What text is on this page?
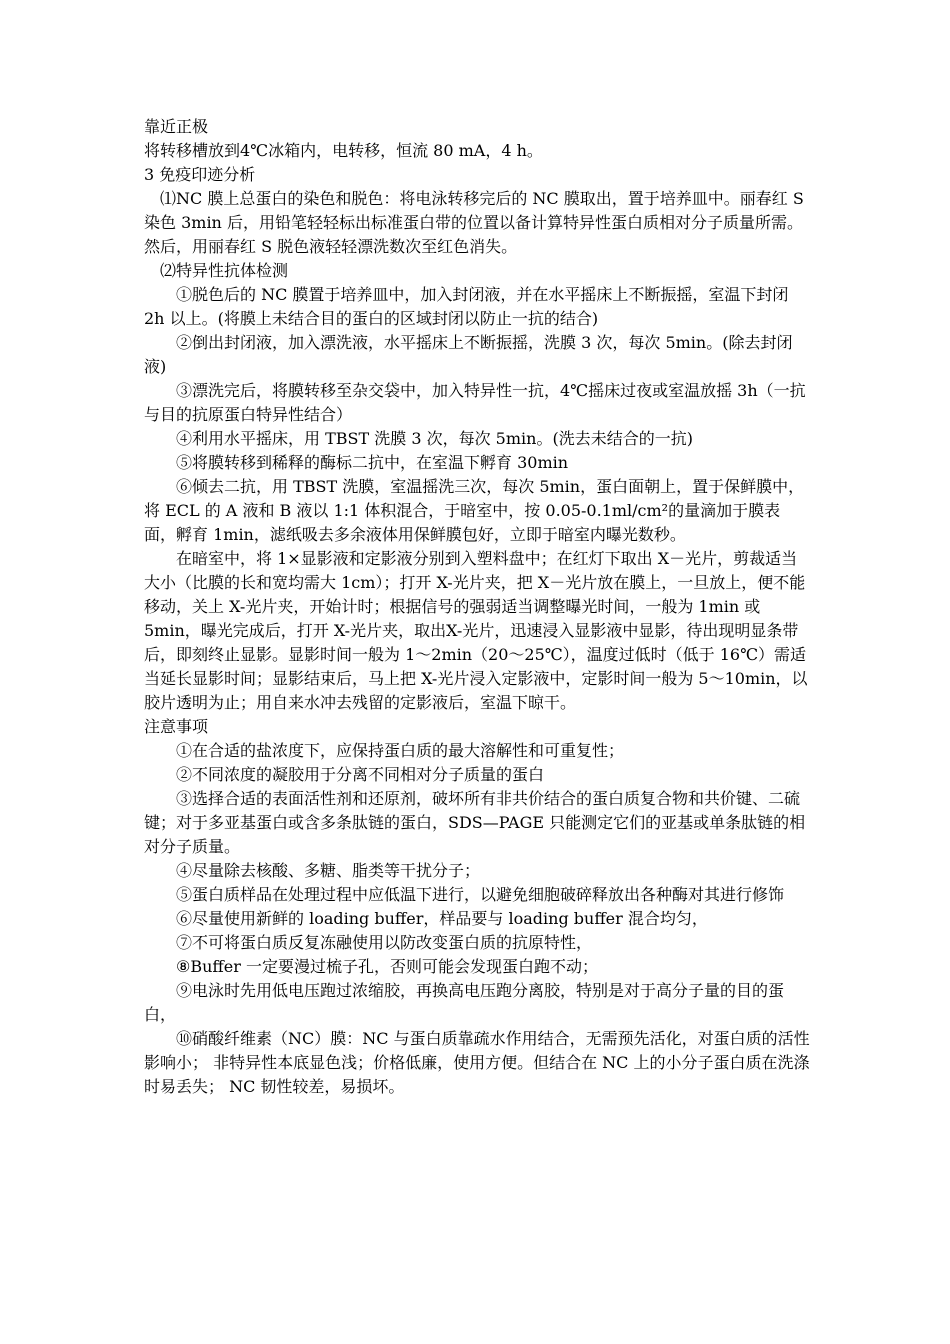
靠近正极

将转移槽放到4℃冰箱内，电转移，恒流 80 mA，4 h。

3 免疫印迹分析

⑴NC 膜上总蛋白的染色和脱色：将电泳转移完后的 NC 膜取出，置于培养皿中。丽春红 S 染色 3min 后，用铅笔轻轻标出标准蛋白带的位置以备计算特异性蛋白质相对分子质量所需。然后，用丽春红 S 脱色液轻轻漂洗数次至红色消失。

⑵特异性抗体检测

①脱色后的 NC 膜置于培养皿中，加入封闭液，并在水平摇床上不断振摇，室温下封闭 2h 以上。(将膜上未结合目的蛋白的区域封闭以防止一抗的结合)

②倒出封闭液，加入漂洗液，水平摇床上不断振摇，洗膜 3 次，每次 5min。(除去封闭液)

③漂洗完后，将膜转移至杂交袋中，加入特异性一抗，4℃摇床过夜或室温放摇 3h（一抗与目的抗原蛋白特异性结合）

④利用水平摇床，用 TBST 洗膜 3 次，每次 5min。(洗去未结合的一抗)

⑤将膜转移到稀释的酶标二抗中，在室温下孵育 30min

⑥倾去二抗，用 TBST 洗膜，室温摇洗三次，每次 5min，蛋白面朝上，置于保鲜膜中，将 ECL 的 A 液和 B 液以 1:1 体积混合，于暗室中，按 0.05-0.1ml/cm²的量滴加于膜表面，孵育 1min，滤纸吸去多余液体用保鲜膜包好，立即于暗室内曝光数秒。

在暗室中，将 1×显影液和定影液分别到入塑料盘中；在红灯下取出 X－光片，剪裁适当大小（比膜的长和宽均需大 1cm）；打开 X-光片夹，把 X－光片放在膜上，一旦放上，便不能移动，关上 X-光片夹，开始计时；根据信号的强弱适当调整曝光时间，一般为 1min 或 5min，曝光完成后，打开 X-光片夹，取出X-光片，迅速浸入显影液中显影，待出现明显条带后，即刻终止显影。显影时间一般为 1～2min（20～25℃），温度过低时（低于 16℃）需适当延长显影时间；显影结束后，马上把 X-光片浸入定影液中，定影时间一般为 5～10min，以胶片透明为止；用自来水冲去残留的定影液后，室温下晾干。

注意事项

①在合适的盐浓度下，应保持蛋白质的最大溶解性和可重复性；

②不同浓度的凝胶用于分离不同相对分子质量的蛋白

③选择合适的表面活性剂和还原剂，破坏所有非共价结合的蛋白质复合物和共价键、二硫键；对于多亚基蛋白或含多条肽链的蛋白，SDS—PAGE 只能测定它们的亚基或单条肽链的相对分子质量。

④尽量除去核酸、多糖、脂类等干扰分子；

⑤蛋白质样品在处理过程中应低温下进行，以避免细胞破碎释放出各种酶对其进行修饰

⑥尽量使用新鲜的 loading buffer，样品要与 loading buffer 混合均匀，

⑦不可将蛋白质反复冻融使用以防改变蛋白质的抗原特性，

⑧Buffer 一定要漫过梳子孔，否则可能会发现蛋白跑不动；

⑨电泳时先用低电压跑过浓缩胶，再换高电压跑分离胶，特别是对于高分子量的目的蛋白，

⑩硝酸纤维素（NC）膜：NC 与蛋白质靠疏水作用结合，无需预先活化，对蛋白质的活性影响小； 非特异性本底显色浅；价格低廉，使用方便。但结合在 NC 上的小分子蛋白质在洗涤时易丢失； NC 韧性较差，易损坏。
